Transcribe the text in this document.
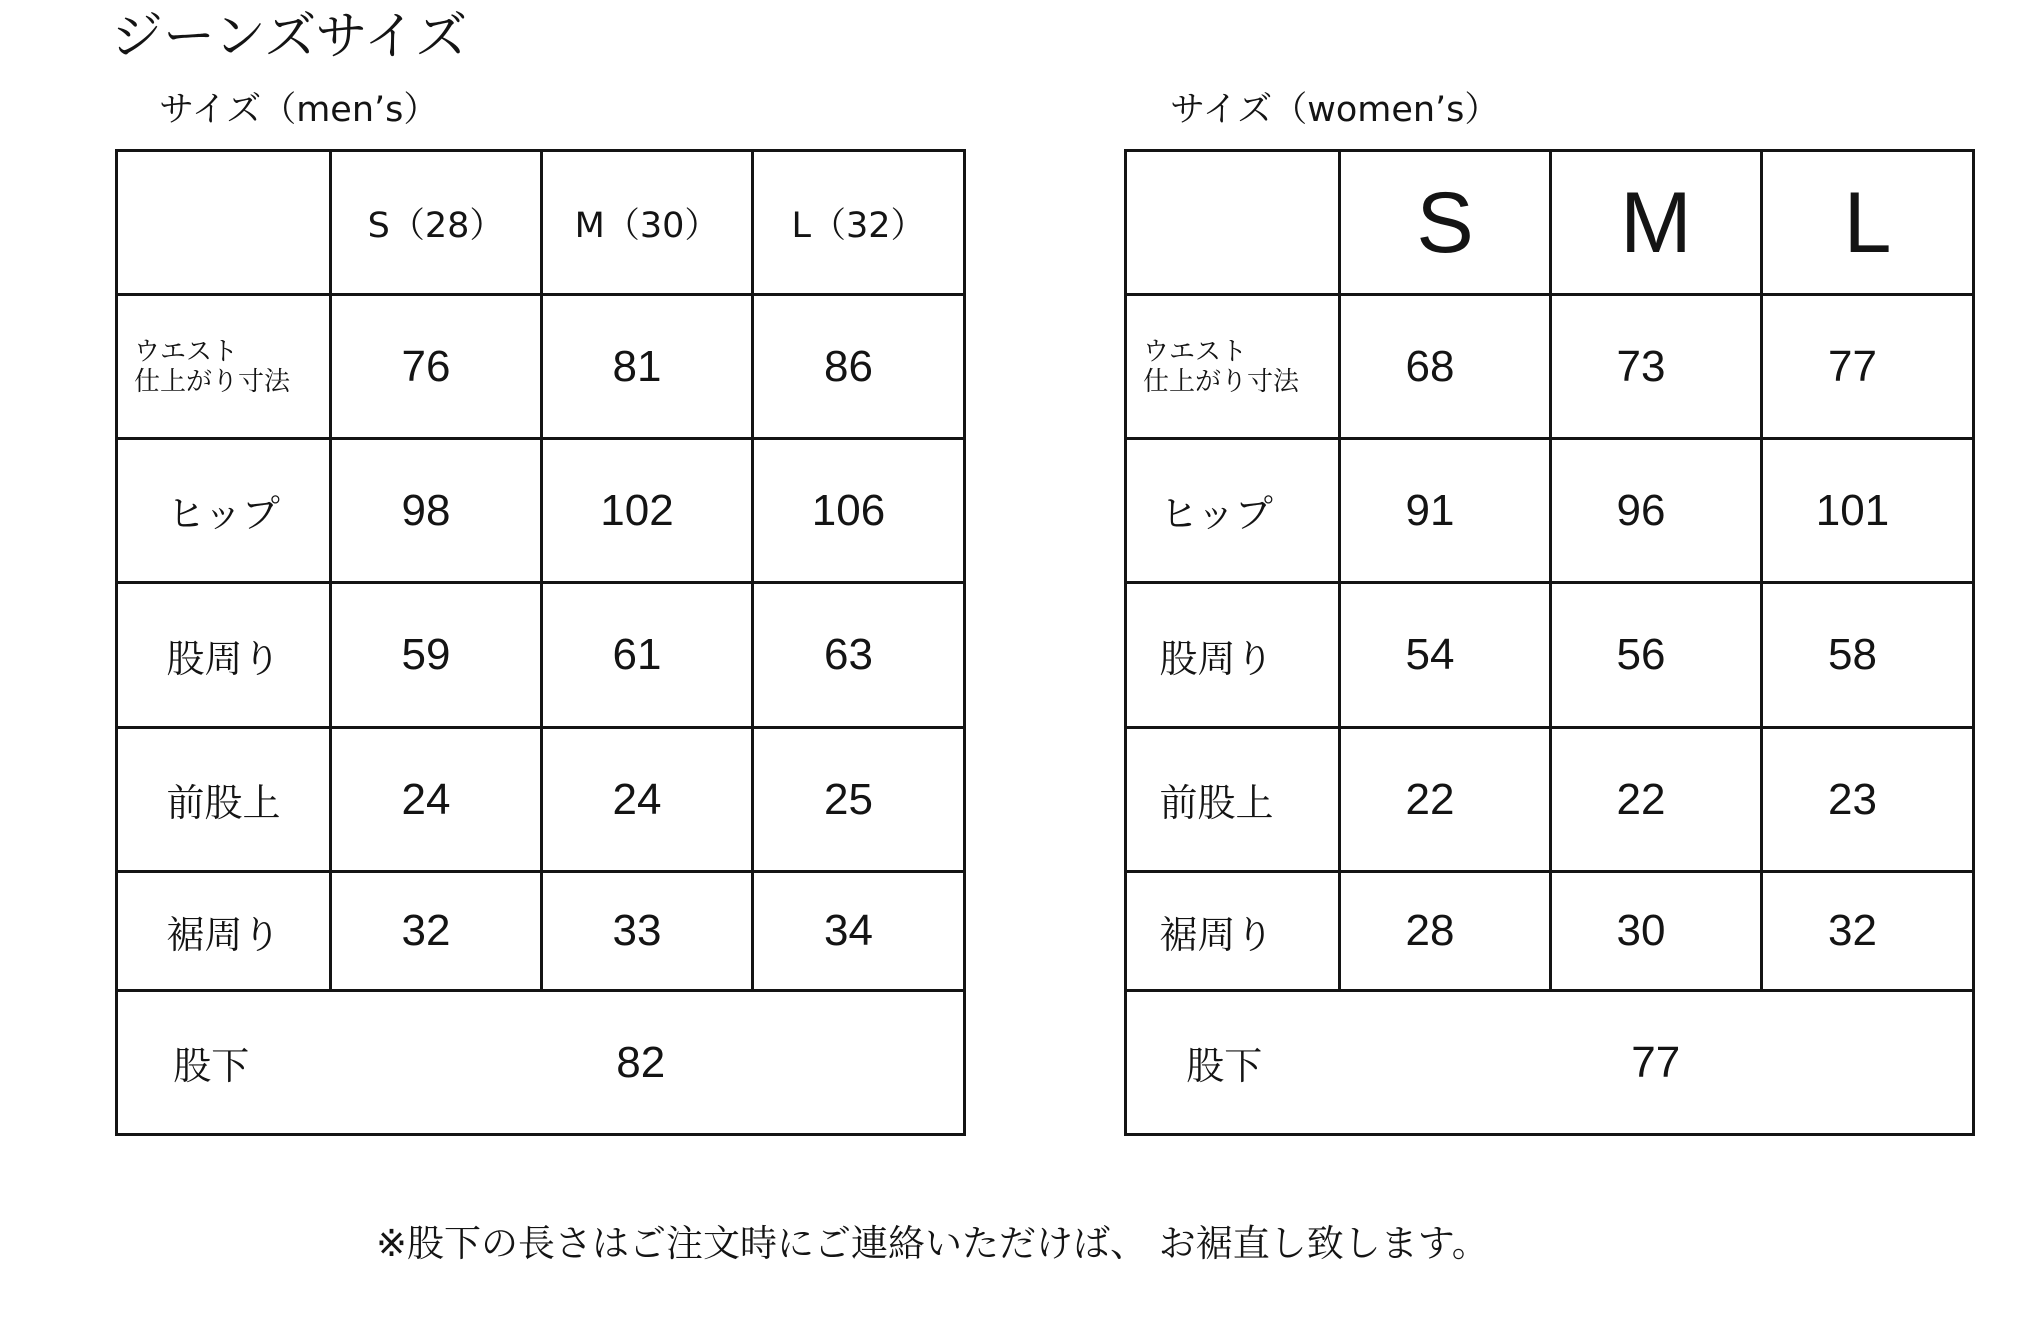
ジーンズサイズ
サイズ（men’s）
	S（28）	M（30）	L（32）

ウエスト
仕上がり寸法	76	81	86
ヒップ	98	102	106
股周り	59	61	63
前股上	24	24	25
裾周り	32	33	34
股下	82		
サイズ（women’s）
	S	M	L

ウエスト
仕上がり寸法	68	73	77
ヒップ	91	96	101
股周り	54	56	58
前股上	22	22	23
裾周り	28	30	32
股下	77		
※股下の長さはご注文時にご連絡いただけば、 お裾直し致します。
